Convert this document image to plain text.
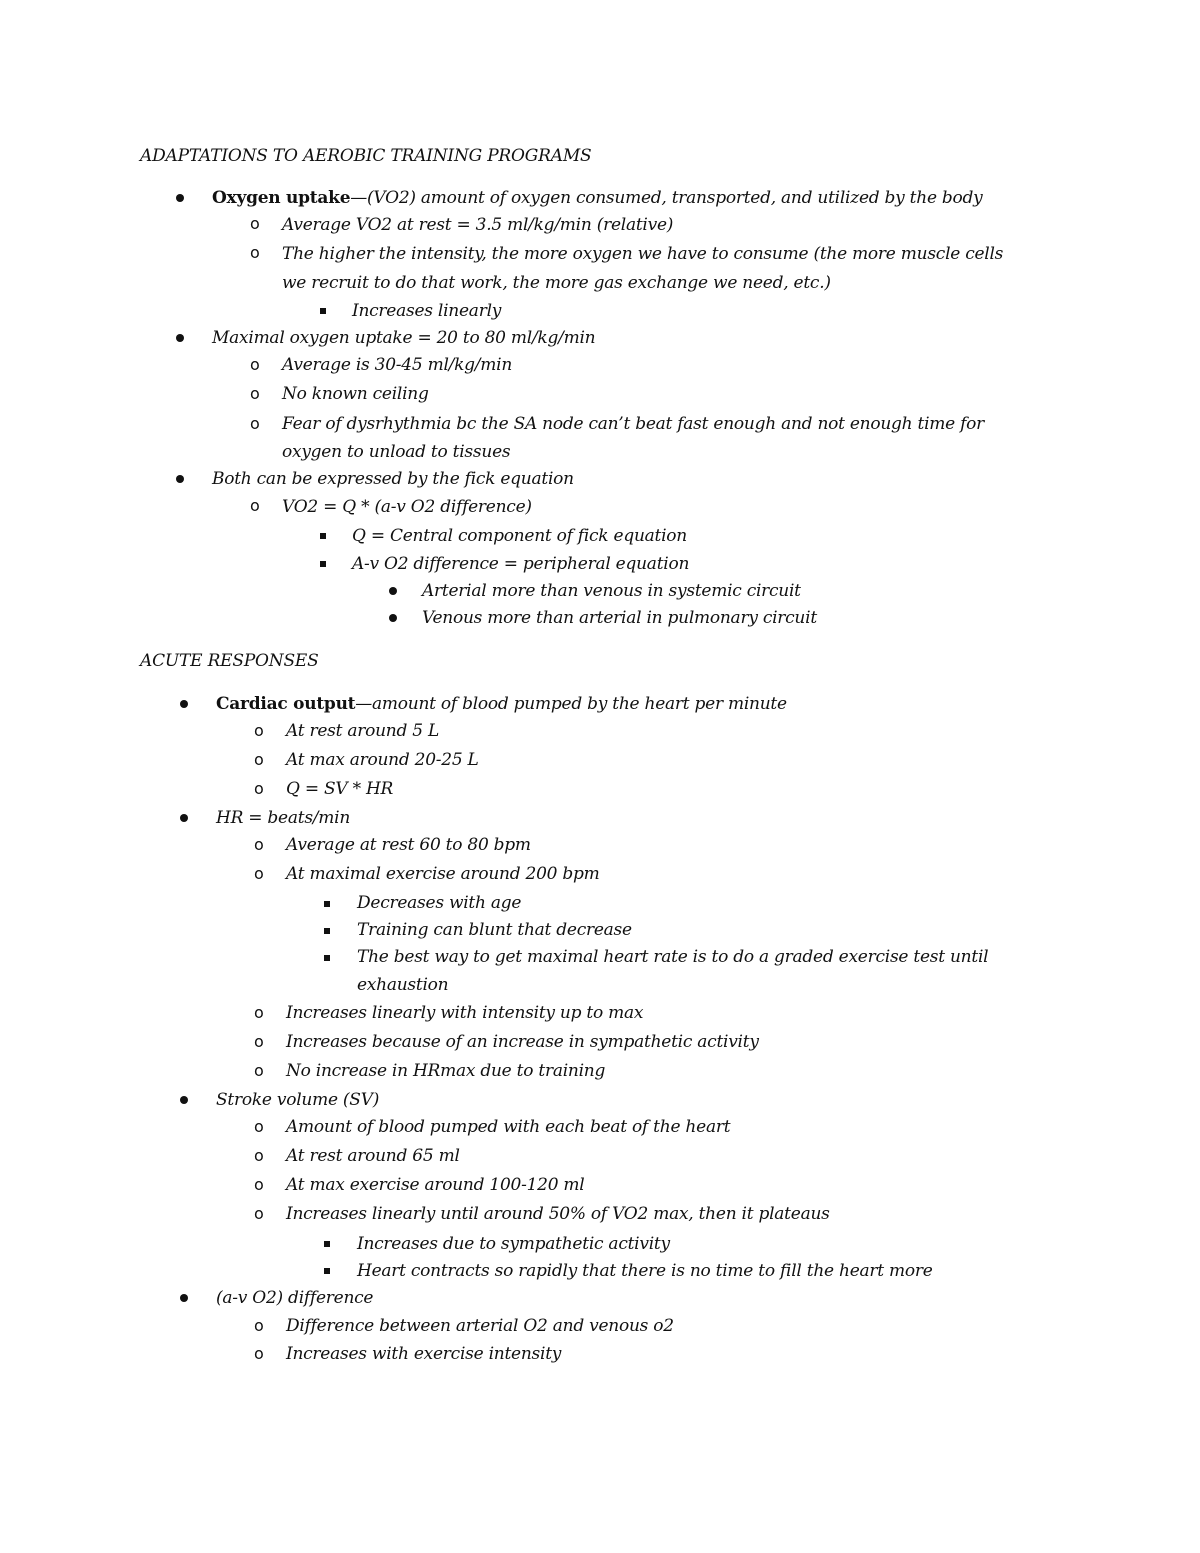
ADAPTATIONS TO AEROBIC TRAINING PROGRAMS
Oxygen uptake—(VO2) amount of oxygen consumed, transported, and utilized by the body
o Average VO2 at rest = 3.5 ml/kg/min (relative)
o The higher the intensity, the more oxygen we have to consume (the more muscle cells
we recruit to do that work, the more gas exchange we need, etc.)
Increases linearly
Maximal oxygen uptake = 20 to 80 ml/kg/min
o Average is 30-45 ml/kg/min
o No known ceiling
o Fear of dysrhythmia bc the SA node can’t beat fast enough and not enough time for
oxygen to unload to tissues
Both can be expressed by the fick equation
o VO2 = Q * (a-v O2 difference)
Q = Central component of fick equation
A-v O2 difference = peripheral equation
Arterial more than venous in systemic circuit
Venous more than arterial in pulmonary circuit
ACUTE RESPONSES
Cardiac output—amount of blood pumped by the heart per minute
o At rest around 5 L
o At max around 20-25 L
o Q = SV * HR
HR = beats/min
o Average at rest 60 to 80 bpm
o At maximal exercise around 200 bpm
Decreases with age
Training can blunt that decrease
The best way to get maximal heart rate is to do a graded exercise test until
exhaustion
o Increases linearly with intensity up to max
o Increases because of an increase in sympathetic activity
o No increase in HRmax due to training
Stroke volume (SV)
o Amount of blood pumped with each beat of the heart
o At rest around 65 ml
o At max exercise around 100-120 ml
o Increases linearly until around 50% of VO2 max, then it plateaus
Increases due to sympathetic activity
Heart contracts so rapidly that there is no time to fill the heart more
(a-v O2) difference
o Difference between arterial O2 and venous o2
o Increases with exercise intensity
